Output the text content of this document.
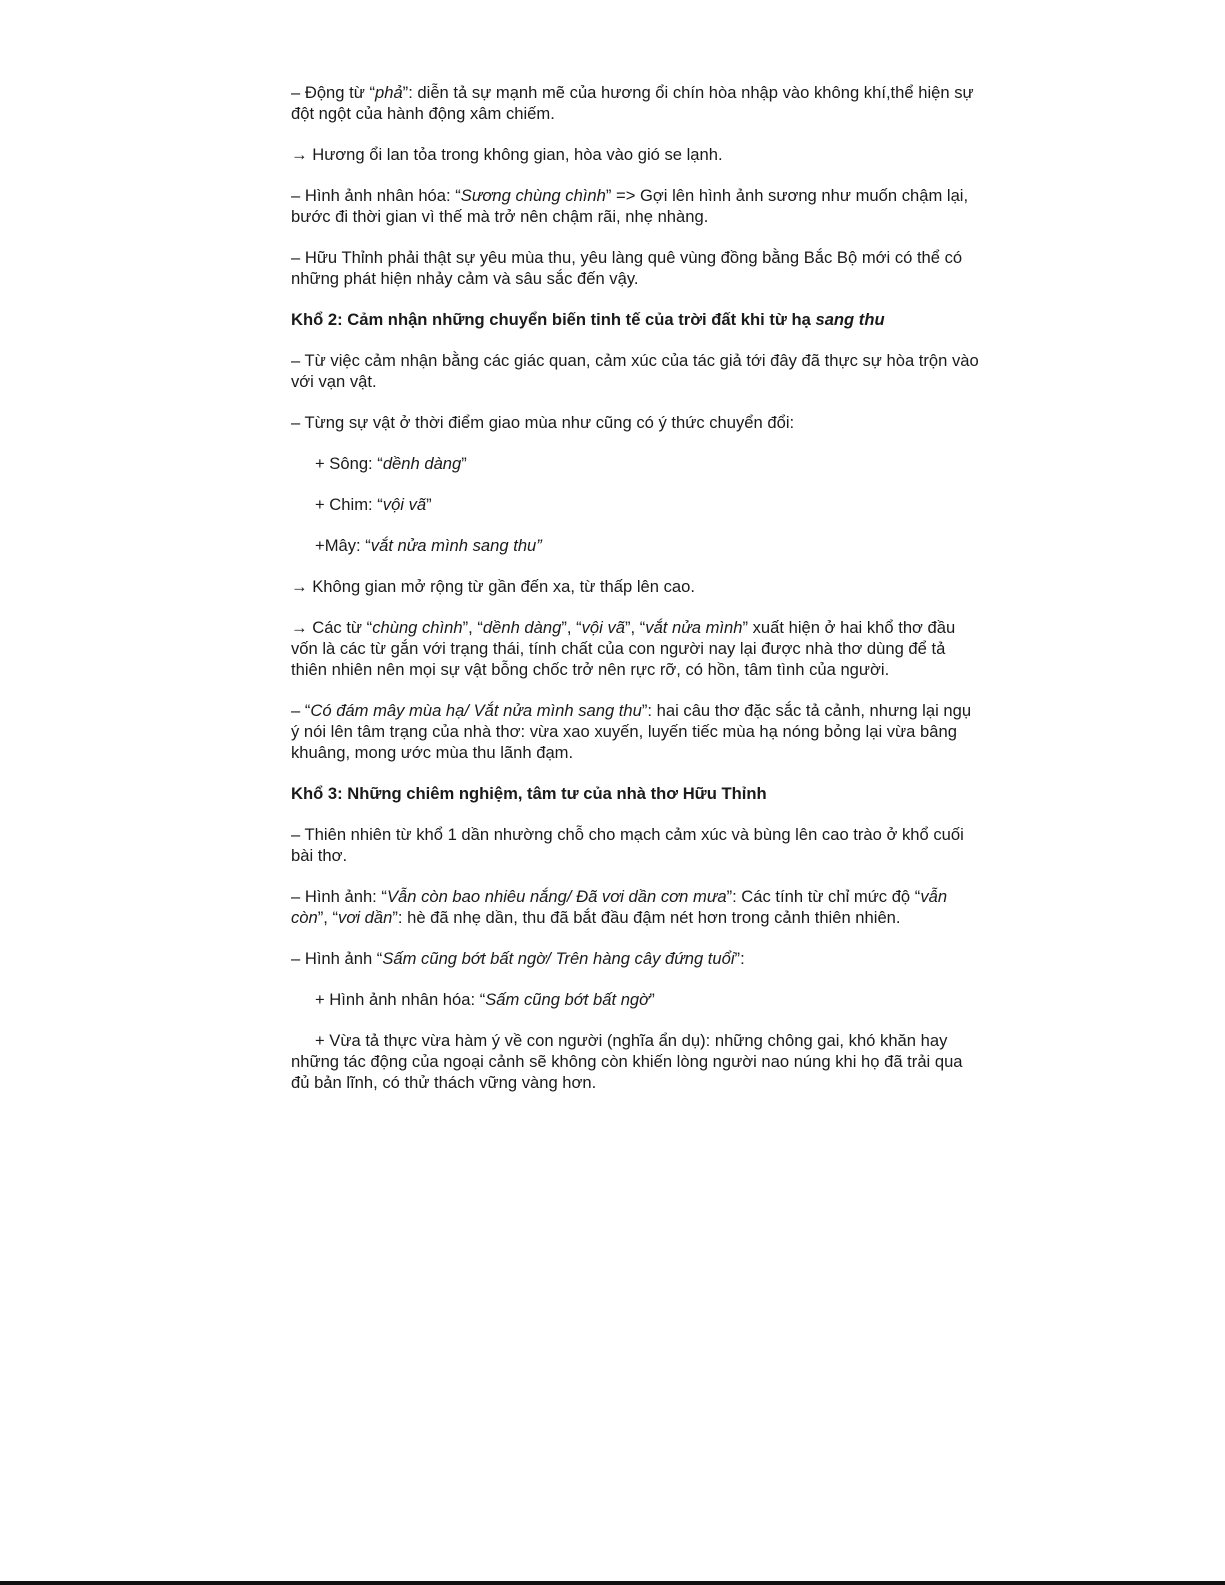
– Động từ “phả”: diễn tả sự mạnh mẽ của hương ổi chín hòa nhập vào không khí,thể hiện sự đột ngột của hành động xâm chiếm.

→ Hương ổi lan tỏa trong không gian, hòa vào gió se lạnh.

– Hình ảnh nhân hóa: “Sương chùng chình” => Gợi lên hình ảnh sương như muốn chậm lại, bước đi thời gian vì thế mà trở nên chậm rãi, nhẹ nhàng.

– Hữu Thỉnh phải thật sự yêu mùa thu, yêu làng quê vùng đồng bằng Bắc Bộ mới có thể có những phát hiện nhảy cảm và sâu sắc đến vậy.

Khổ 2: Cảm nhận những chuyển biến tinh tế của trời đất khi từ hạ sang thu

– Từ việc cảm nhận bằng các giác quan, cảm xúc của tác giả tới đây đã thực sự hòa trộn vào với vạn vật.

– Từng sự vật ở thời điểm giao mùa như cũng có ý thức chuyển đổi:

+ Sông: “dềnh dàng”

+ Chim: “vội vã”

+Mây: “vắt nửa mình sang thu”

→ Không gian mở rộng từ gần đến xa, từ thấp lên cao.

→ Các từ “chùng chình”, “dềnh dàng”, “vội vã”, “vắt nửa mình” xuất hiện ở hai khổ thơ đầu vốn là các từ gắn với trạng thái, tính chất của con người nay lại được nhà thơ dùng để tả thiên nhiên nên mọi sự vật bỗng chốc trở nên rực rỡ, có hồn, tâm tình của người.

– “Có đám mây mùa hạ/ Vắt nửa mình sang thu”: hai câu thơ đặc sắc tả cảnh, nhưng lại ngụ ý nói lên tâm trạng của nhà thơ: vừa xao xuyến, luyến tiếc mùa hạ nóng bỏng lại vừa bâng khuâng, mong ước mùa thu lãnh đạm.

Khổ 3: Những chiêm nghiệm, tâm tư của nhà thơ Hữu Thỉnh

– Thiên nhiên từ khổ 1 dần nhường chỗ cho mạch cảm xúc và bùng lên cao trào ở khổ cuối bài thơ.

– Hình ảnh: “Vẫn còn bao nhiêu nắng/ Đã vơi dần cơn mưa”: Các tính từ chỉ mức độ “vẫn còn”, “vơi dần”: hè đã nhẹ dần, thu đã bắt đầu đậm nét hơn trong cảnh thiên nhiên.

– Hình ảnh “Sấm cũng bớt bất ngờ/ Trên hàng cây đứng tuổi”:

+ Hình ảnh nhân hóa: “Sấm cũng bớt bất ngờ”

+ Vừa tả thực vừa hàm ý về con người (nghĩa ẩn dụ): những chông gai, khó khăn hay những tác động của ngoại cảnh sẽ không còn khiến lòng người nao núng khi họ đã trải qua đủ bản lĩnh, có thử thách vững vàng hơn.
